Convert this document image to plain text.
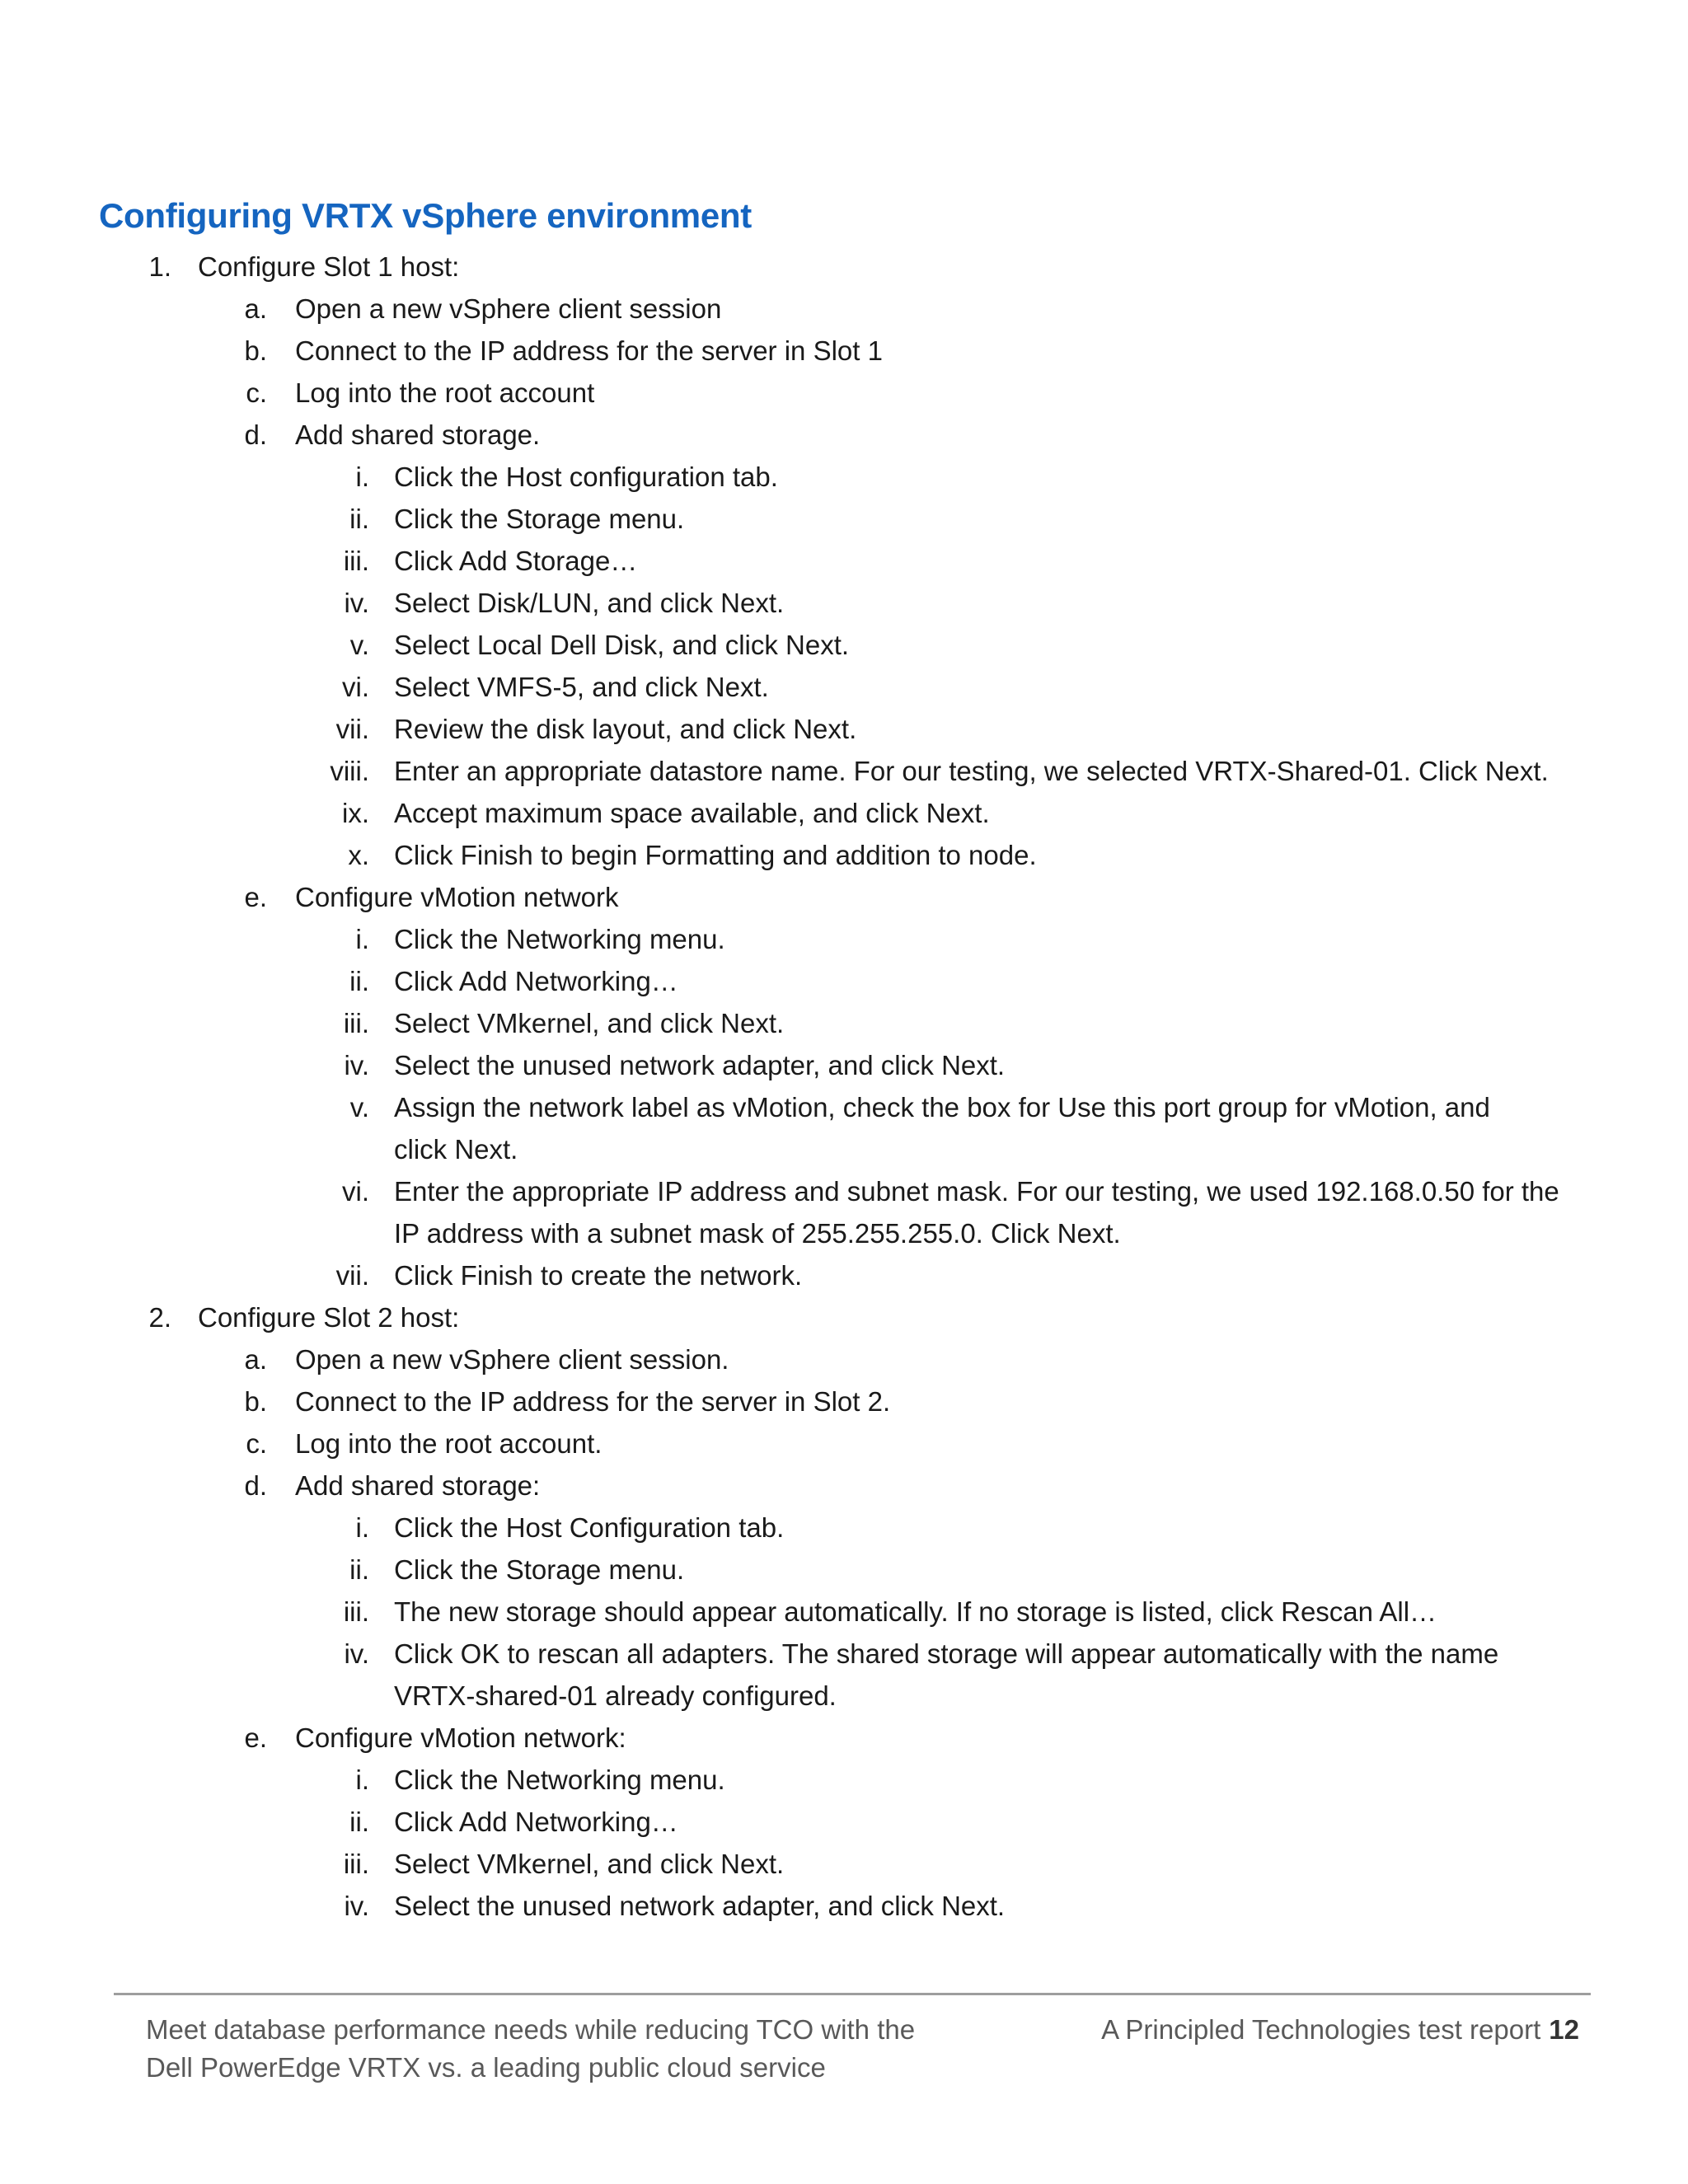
Configuring VRTX vSphere environment
1. Configure Slot 1 host:
a. Open a new vSphere client session
b. Connect to the IP address for the server in Slot 1
c. Log into the root account
d. Add shared storage.
i. Click the Host configuration tab.
ii. Click the Storage menu.
iii. Click Add Storage…
iv. Select Disk/LUN, and click Next.
v. Select Local Dell Disk, and click Next.
vi. Select VMFS-5, and click Next.
vii. Review the disk layout, and click Next.
viii. Enter an appropriate datastore name. For our testing, we selected VRTX-Shared-01. Click Next.
ix. Accept maximum space available, and click Next.
x. Click Finish to begin Formatting and addition to node.
e. Configure vMotion network
i. Click the Networking menu.
ii. Click Add Networking…
iii. Select VMkernel, and click Next.
iv. Select the unused network adapter, and click Next.
v. Assign the network label as vMotion, check the box for Use this port group for vMotion, and
click Next.
vi. Enter the appropriate IP address and subnet mask. For our testing, we used 192.168.0.50 for the
IP address with a subnet mask of 255.255.255.0. Click Next.
vii. Click Finish to create the network.
2. Configure Slot 2 host:
a. Open a new vSphere client session.
b. Connect to the IP address for the server in Slot 2.
c. Log into the root account.
d. Add shared storage:
i. Click the Host Configuration tab.
ii. Click the Storage menu.
iii. The new storage should appear automatically. If no storage is listed, click Rescan All…
iv. Click OK to rescan all adapters. The shared storage will appear automatically with the name
VRTX-shared-01 already configured.
e. Configure vMotion network:
i. Click the Networking menu.
ii. Click Add Networking…
iii. Select VMkernel, and click Next.
iv. Select the unused network adapter, and click Next.

Meet database performance needs while reducing TCO with the
Dell PowerEdge VRTX vs. a leading public cloud service

A Principled Technologies test report 12
